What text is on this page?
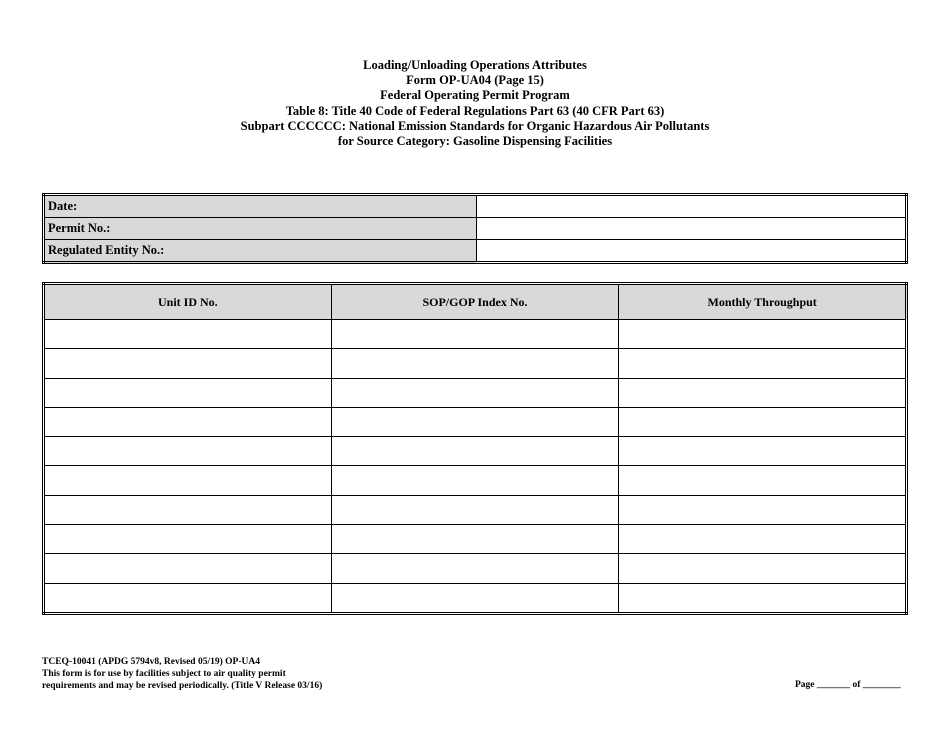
Loading/Unloading Operations Attributes
Form OP-UA04 (Page 15)
Federal Operating Permit Program
Table 8: Title 40 Code of Federal Regulations Part 63 (40 CFR Part 63)
Subpart CCCCCC: National Emission Standards for Organic Hazardous Air Pollutants
for Source Category: Gasoline Dispensing Facilities
Date:	
Permit No.:	
Regulated Entity No.:	
Unit ID No.	SOP/GOP Index No.	Monthly Throughput

TCEQ-10041 (APDG 5794v8, Revised 05/19) OP-UA4
This form is for use by facilities subject to air quality permit
requirements and may be revised periodically. (Title V Release 03/16)	Page _______ of ________
